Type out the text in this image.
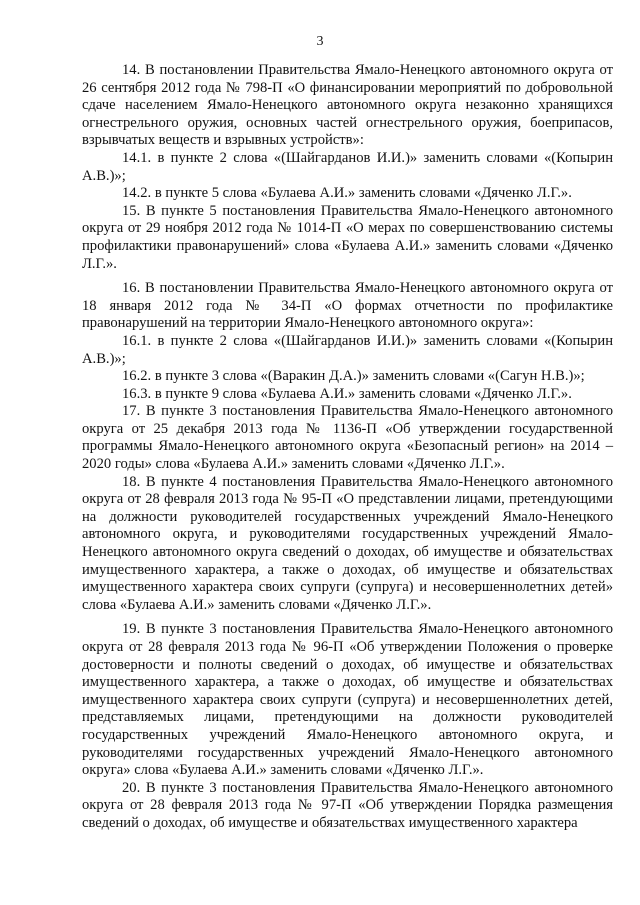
3

14. В постановлении Правительства Ямало-Ненецкого автономного округа от 26 сентября 2012 года № 798-П «О финансировании мероприятий по добровольной сдаче населением Ямало-Ненецкого автономного округа незаконно хранящихся огнестрельного оружия, основных частей огнестрельного оружия, боеприпасов, взрывчатых веществ и взрывных устройств»:

14.1. в пункте 2 слова «(Шайгарданов И.И.)» заменить словами «(Копырин А.В.)»;

14.2. в пункте 5 слова «Булаева А.И.» заменить словами «Дяченко Л.Г.».

15. В пункте 5 постановления Правительства Ямало-Ненецкого автономного округа от 29 ноября 2012 года № 1014-П «О мерах по совершенствованию системы профилактики правонарушений» слова «Булаева А.И.» заменить словами «Дяченко Л.Г.».

16. В постановлении Правительства Ямало-Ненецкого автономного округа от 18 января 2012 года № 34-П «О формах отчетности по профилактике правонарушений на территории Ямало-Ненецкого автономного округа»:

16.1. в пункте 2 слова «(Шайгарданов И.И.)» заменить словами «(Копырин А.В.)»;

16.2. в пункте 3 слова «(Варакин Д.А.)» заменить словами «(Сагун Н.В.)»;

16.3. в пункте 9 слова «Булаева А.И.» заменить словами «Дяченко Л.Г.».

17. В пункте 3 постановления Правительства Ямало-Ненецкого автономного округа от 25 декабря 2013 года № 1136-П «Об утверждении государственной программы Ямало-Ненецкого автономного округа «Безопасный регион» на 2014 – 2020 годы» слова «Булаева А.И.» заменить словами «Дяченко Л.Г.».

18. В пункте 4 постановления Правительства Ямало-Ненецкого автономного округа от 28 февраля 2013 года № 95-П «О представлении лицами, претендующими на должности руководителей государственных учреждений Ямало-Ненецкого автономного округа, и руководителями государственных учреждений Ямало-Ненецкого автономного округа сведений о доходах, об имуществе и обязательствах имущественного характера, а также о доходах, об имуществе и обязательствах имущественного характера своих супруги (супруга) и несовершеннолетних детей» слова «Булаева А.И.» заменить словами «Дяченко Л.Г.».

19. В пункте 3 постановления Правительства Ямало-Ненецкого автономного округа от 28 февраля 2013 года № 96-П «Об утверждении Положения о проверке достоверности и полноты сведений о доходах, об имуществе и обязательствах имущественного характера, а также о доходах, об имуществе и обязательствах имущественного характера своих супруги (супруга) и несовершеннолетних детей, представляемых лицами, претендующими на должности руководителей государственных учреждений Ямало-Ненецкого автономного округа, и руководителями государственных учреждений Ямало-Ненецкого автономного округа» слова «Булаева А.И.» заменить словами «Дяченко Л.Г.».

20. В пункте 3 постановления Правительства Ямало-Ненецкого автономного округа от 28 февраля 2013 года № 97-П «Об утверждении Порядка размещения сведений о доходах, об имуществе и обязательствах имущественного характера
